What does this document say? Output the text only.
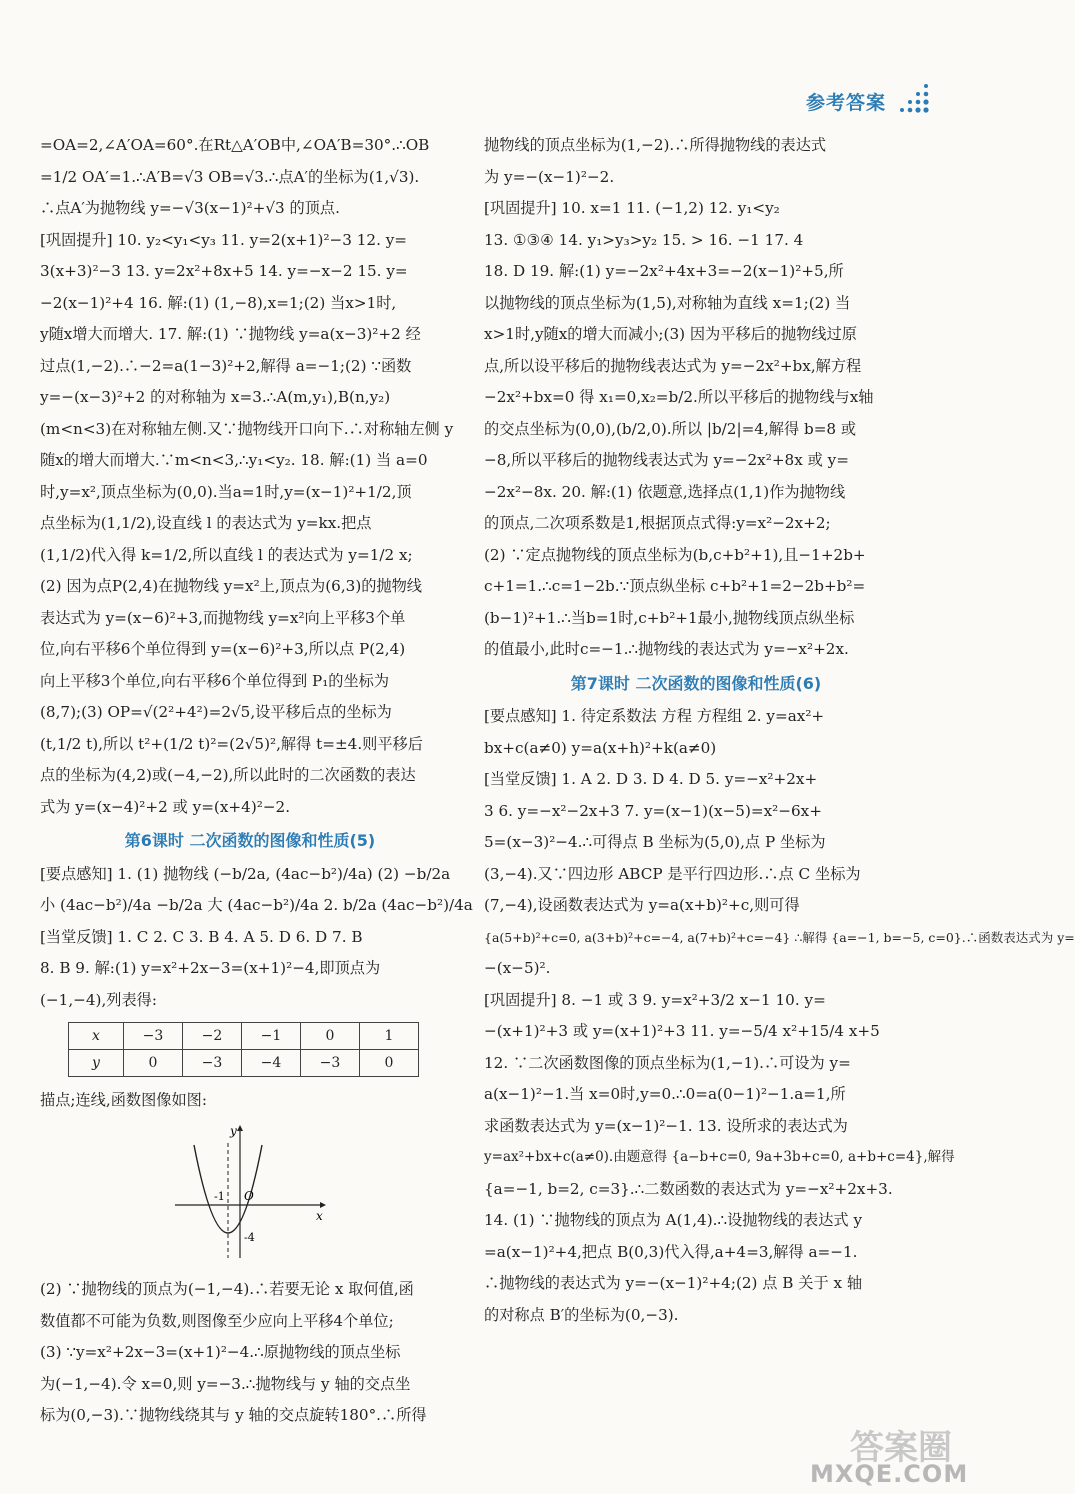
参考答案

=OA=2,∠A′OA=60°.在Rt△A′OB中,∠OA′B=30°.∴OB

=1/2 OA′=1.∴A′B=√3 OB=√3.∴点A′的坐标为(1,√3).

∴点A′为抛物线 y=−√3(x−1)²+√3 的顶点.

[巩固提升] 10. y₂<y₁<y₃ 11. y=2(x+1)²−3 12. y=

3(x+3)²−3 13. y=2x²+8x+5 14. y=−x−2 15. y=

−2(x−1)²+4 16. 解:(1) (1,−8),x=1;(2) 当x>1时,

y随x增大而增大. 17. 解:(1) ∵抛物线 y=a(x−3)²+2 经

过点(1,−2).∴−2=a(1−3)²+2,解得 a=−1;(2) ∵函数

y=−(x−3)²+2 的对称轴为 x=3.∴A(m,y₁),B(n,y₂)

(m<n<3)在对称轴左侧.又∵抛物线开口向下.∴对称轴左侧 y

随x的增大而增大.∵m<n<3,∴y₁<y₂. 18. 解:(1) 当 a=0

时,y=x²,顶点坐标为(0,0).当a=1时,y=(x−1)²+1/2,顶

点坐标为(1,1/2),设直线 l 的表达式为 y=kx.把点

(1,1/2)代入得 k=1/2,所以直线 l 的表达式为 y=1/2 x;

(2) 因为点P(2,4)在抛物线 y=x²上,顶点为(6,3)的抛物线

表达式为 y=(x−6)²+3,而抛物线 y=x²向上平移3个单

位,向右平移6个单位得到 y=(x−6)²+3,所以点 P(2,4)

向上平移3个单位,向右平移6个单位得到 P₁的坐标为

(8,7);(3) OP=√(2²+4²)=2√5,设平移后点的坐标为

(t,1/2 t),所以 t²+(1/2 t)²=(2√5)²,解得 t=±4.则平移后

点的坐标为(4,2)或(−4,−2),所以此时的二次函数的表达

式为 y=(x−4)²+2 或 y=(x+4)²−2.

第6课时 二次函数的图像和性质(5)

[要点感知] 1. (1) 抛物线 (−b/2a, (4ac−b²)/4a) (2) −b/2a

小 (4ac−b²)/4a −b/2a 大 (4ac−b²)/4a 2. b/2a (4ac−b²)/4a

[当堂反馈] 1. C 2. C 3. B 4. A 5. D 6. D 7. B

8. B 9. 解:(1) y=x²+2x−3=(x+1)²−4,即顶点为

(−1,−4),列表得:

x	−3	−2	−1	0	1
y	0	−3	−4	−3	0

描点;连线,函数图像如图:

y
x
O
-1
-4

(2) ∵抛物线的顶点为(−1,−4).∴若要无论 x 取何值,函

数值都不可能为负数,则图像至少应向上平移4个单位;

(3) ∵y=x²+2x−3=(x+1)²−4.∴原抛物线的顶点坐标

为(−1,−4).令 x=0,则 y=−3.∴抛物线与 y 轴的交点坐

标为(0,−3).∵抛物线绕其与 y 轴的交点旋转180°.∴所得

抛物线的顶点坐标为(1,−2).∴所得抛物线的表达式

为 y=−(x−1)²−2.

[巩固提升] 10. x=1 11. (−1,2) 12. y₁<y₂

13. ①③④ 14. y₁>y₃>y₂ 15. > 16. −1 17. 4

18. D 19. 解:(1) y=−2x²+4x+3=−2(x−1)²+5,所

以抛物线的顶点坐标为(1,5),对称轴为直线 x=1;(2) 当

x>1时,y随x的增大而减小;(3) 因为平移后的抛物线过原

点,所以设平移后的抛物线表达式为 y=−2x²+bx,解方程

−2x²+bx=0 得 x₁=0,x₂=b/2.所以平移后的抛物线与x轴

的交点坐标为(0,0),(b/2,0).所以 |b/2|=4,解得 b=8 或

−8,所以平移后的抛物线表达式为 y=−2x²+8x 或 y=

−2x²−8x. 20. 解:(1) 依题意,选择点(1,1)作为抛物线

的顶点,二次项系数是1,根据顶点式得:y=x²−2x+2;

(2) ∵定点抛物线的顶点坐标为(b,c+b²+1),且−1+2b+

c+1=1.∴c=1−2b.∵顶点纵坐标 c+b²+1=2−2b+b²=

(b−1)²+1.∴当b=1时,c+b²+1最小,抛物线顶点纵坐标

的值最小,此时c=−1.∴抛物线的表达式为 y=−x²+2x.

第7课时 二次函数的图像和性质(6)

[要点感知] 1. 待定系数法 方程 方程组 2. y=ax²+

bx+c(a≠0) y=a(x+h)²+k(a≠0)

[当堂反馈] 1. A 2. D 3. D 4. D 5. y=−x²+2x+

3 6. y=−x²−2x+3 7. y=(x−1)(x−5)=x²−6x+

5=(x−3)²−4.∴可得点 B 坐标为(5,0),点 P 坐标为

(3,−4).又∵四边形 ABCP 是平行四边形.∴点 C 坐标为

(7,−4),设函数表达式为 y=a(x+b)²+c,则可得

{a(5+b)²+c=0, a(3+b)²+c=−4, a(7+b)²+c=−4} ∴解得 {a=−1, b=−5, c=0}.∴函数表达式为 y=

−(x−5)².

[巩固提升] 8. −1 或 3 9. y=x²+3/2 x−1 10. y=

−(x+1)²+3 或 y=(x+1)²+3 11. y=−5/4 x²+15/4 x+5

12. ∵二次函数图像的顶点坐标为(1,−1).∴可设为 y=

a(x−1)²−1.当 x=0时,y=0.∴0=a(0−1)²−1.a=1,所

求函数表达式为 y=(x−1)²−1. 13. 设所求的表达式为

y=ax²+bx+c(a≠0).由题意得 {a−b+c=0, 9a+3b+c=0, a+b+c=4},解得

{a=−1, b=2, c=3}.∴二数函数的表达式为 y=−x²+2x+3.

14. (1) ∵抛物线的顶点为 A(1,4).∴设抛物线的表达式 y

=a(x−1)²+4,把点 B(0,3)代入得,a+4=3,解得 a=−1.

∴抛物线的表达式为 y=−(x−1)²+4;(2) 点 B 关于 x 轴

的对称点 B′的坐标为(0,−3).

答案圈
MXQE.COM
